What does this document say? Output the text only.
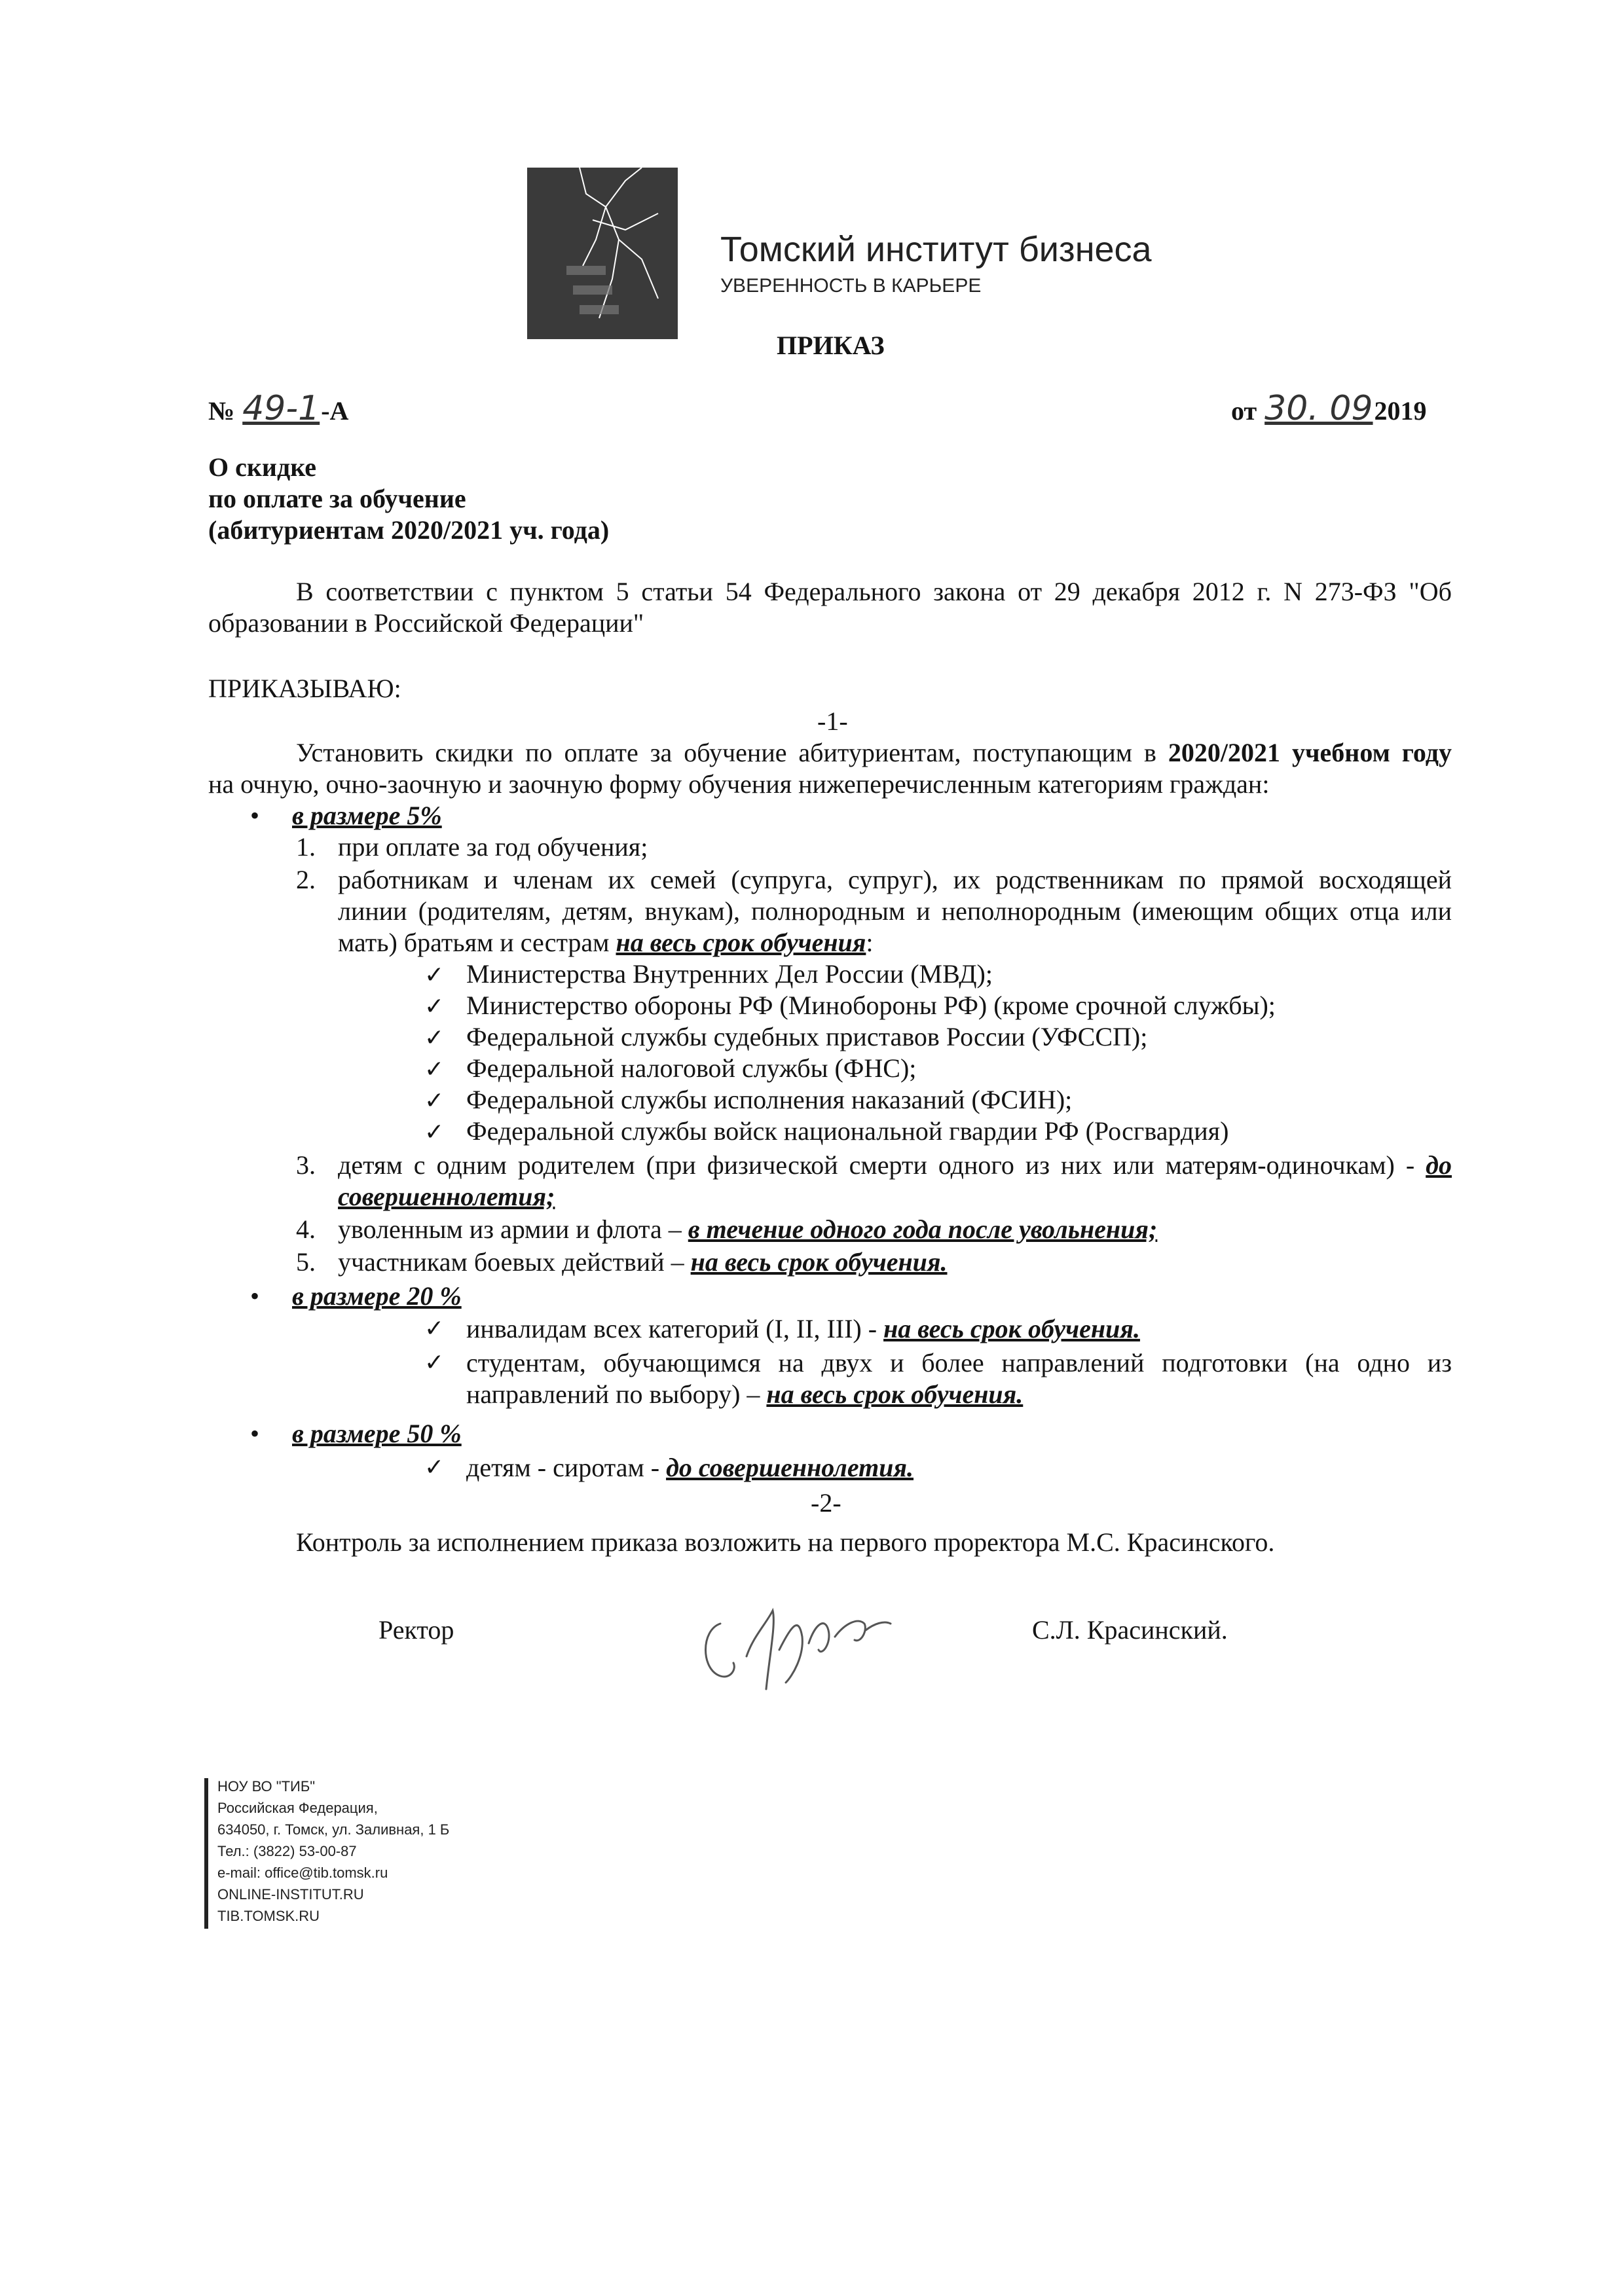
Томский институт бизнеса
УВЕРЕННОСТЬ В КАРЬЕРЕ
ПРИКАЗ
№ 49-1-А	от 30. 092019
О скидке
по оплате за обучение
(абитуриентам 2020/2021 уч. года)
В соответствии с пунктом 5 статьи 54 Федерального закона от 29 декабря 2012 г. N 273-ФЗ "Об
образовании в Российской Федерации"
ПРИКАЗЫВАЮ:
-1-
Установить скидки по оплате за обучение абитуриентам, поступающим в 2020/2021 учебном году
на очную, очно-заочную и заочную форму обучения нижеперечисленным категориям граждан:
• в размере 5%
1. при оплате за год обучения;
2. работникам и членам их семей (супруга, супруг), их родственникам по прямой восходящей
линии (родителям, детям, внукам), полнородным и неполнородным (имеющим общих отца или
мать) братьям и сестрам на весь срок обучения:
✓ Министерства Внутренних Дел России (МВД);
✓ Министерство обороны РФ (Минобороны РФ) (кроме срочной службы);
✓ Федеральной службы судебных приставов России (УФССП);
✓ Федеральной налоговой службы (ФНС);
✓ Федеральной службы исполнения наказаний (ФСИН);
✓ Федеральной службы войск национальной гвардии РФ (Росгвардия)
3. детям с одним родителем (при физической смерти одного из них или матерям-одиночкам) - до
совершеннолетия;
4. уволенным из армии и флота – в течение одного года после увольнения;
5. участникам боевых действий – на весь срок обучения.
• в размере 20 %
✓ инвалидам всех категорий (I, II, III) - на весь срок обучения.
✓ студентам, обучающимся на двух и более направлений подготовки (на одно из
направлений по выбору) – на весь срок обучения.
• в размере 50 %
✓ детям - сиротам - до совершеннолетия.
-2-
Контроль за исполнением приказа возложить на первого проректора М.С. Красинского.
Ректор	С.Л. Красинский.
НОУ ВО "ТИБ"
Российская Федерация,
634050, г. Томск, ул. Заливная, 1 Б
Тел.: (3822) 53-00-87
e-mail: office@tib.tomsk.ru
ONLINE-INSTITUT.RU
TIB.TOMSK.RU
